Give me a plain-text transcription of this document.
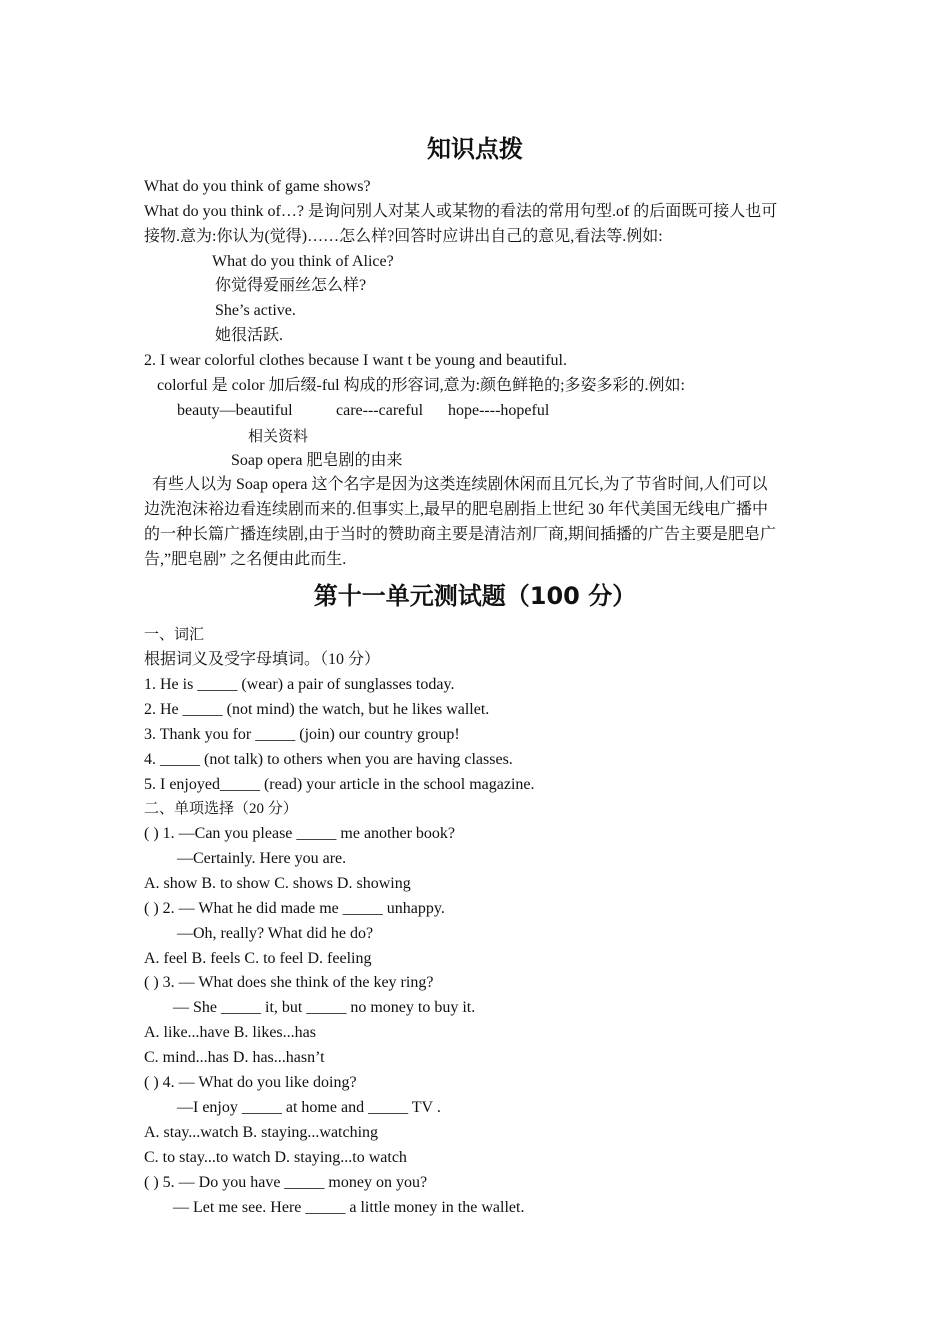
知识点拨
What do you think of game shows?
What do you think of…? 是询问别人对某人或某物的看法的常用句型.of 的后面既可接人也可
接物.意为:你认为(觉得)……怎么样?回答时应讲出自己的意见,看法等.例如:
What do you think of Alice?
你觉得爱丽丝怎么样?
She’s active.
她很活跃.
2. I wear colorful clothes because I want t be young and beautiful.
colorful 是 color 加后缀-ful 构成的形容词,意为:颜色鲜艳的;多姿多彩的.例如:
beauty—beautiful	care---careful hope----hopeful
相关资料
Soap opera 肥皂剧的由来
有些人以为 Soap opera 这个名字是因为这类连续剧休闲而且冗长,为了节省时间,人们可以
边洗泡沫裕边看连续剧而来的.但事实上,最早的肥皂剧指上世纪 30 年代美国无线电广播中
的一种长篇广播连续剧,由于当时的赞助商主要是清洁剂厂商,期间插播的广告主要是肥皂广
告,”肥皂剧” 之名便由此而生.
第十一单元测试题（100 分）
一、词汇
根据词义及受字母填词。（10 分）
1. He is _____ (wear) a pair of sunglasses today.
2. He _____ (not mind) the watch, but he likes wallet.
3. Thank you for _____ (join) our country group!
4. _____ (not talk) to others when you are having classes.
5. I enjoyed_____ (read) your article in the school magazine.
二、单项选择（20 分）
( ) 1. —Can you please _____ me another book?
—Certainly. Here you are.
A. show B. to show C. shows D. showing
( ) 2. — What he did made me _____ unhappy.
—Oh, really? What did he do?
A. feel B. feels C. to feel D. feeling
( ) 3. — What does she think of the key ring?
— She _____ it, but _____ no money to buy it.
A. like...have B. likes...has
C. mind...has D. has...hasn’t
( ) 4. — What do you like doing?
—I enjoy _____ at home and _____ TV .
A. stay...watch B. staying...watching
C. to stay...to watch D. staying...to watch
( ) 5. — Do you have _____ money on you?
— Let me see. Here _____ a little money in the wallet.
